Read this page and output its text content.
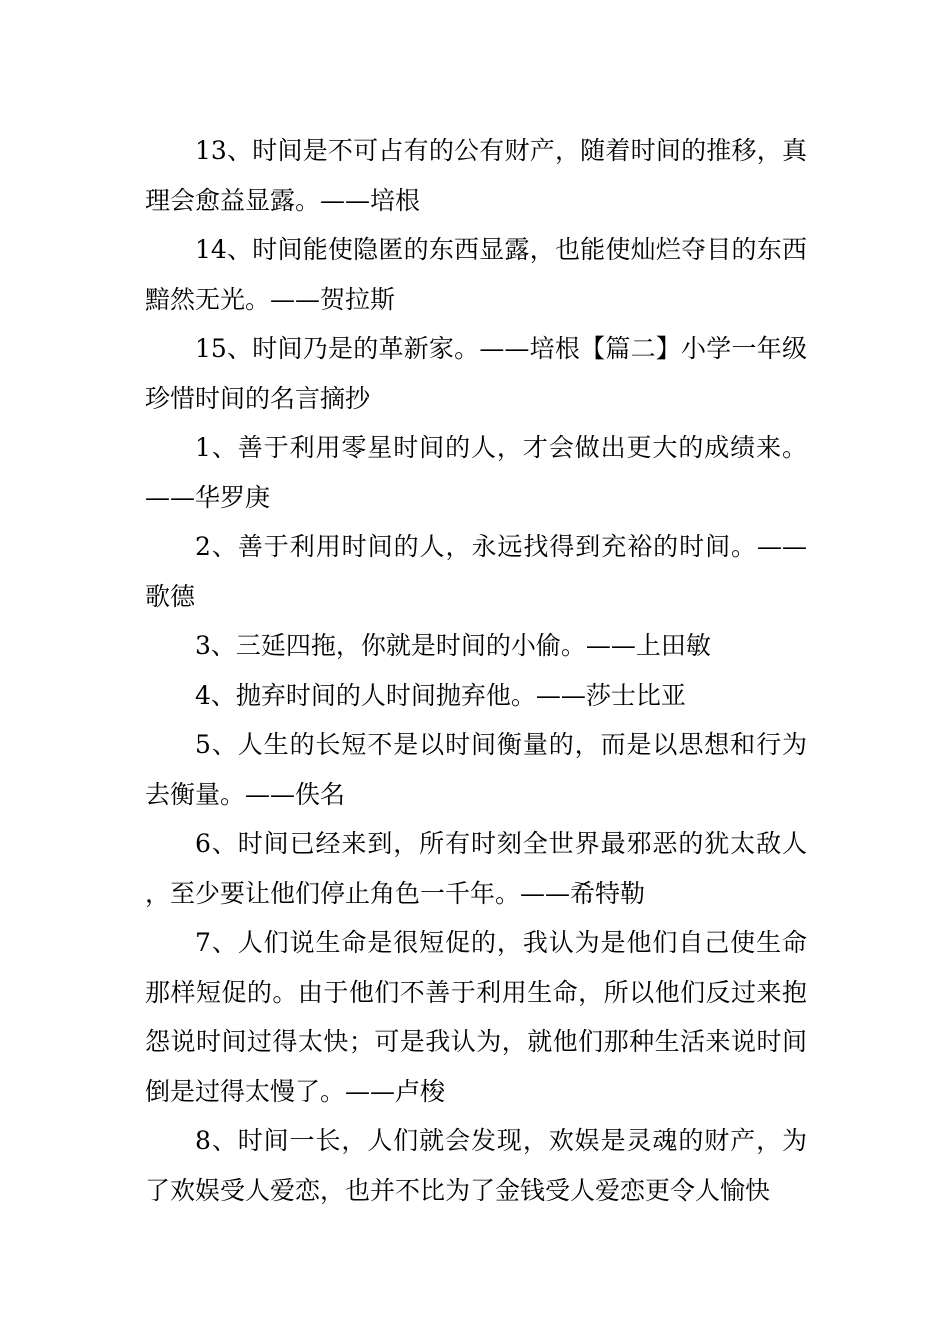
13、时间是不可占有的公有财产，随着时间的推移，真理会愈益显露。——培根

14、时间能使隐匿的东西显露，也能使灿烂夺目的东西黯然无光。——贺拉斯

15、时间乃是的革新家。——培根【篇二】小学一年级珍惜时间的名言摘抄

1、善于利用零星时间的人，才会做出更大的成绩来。——华罗庚

2、善于利用时间的人，永远找得到充裕的时间。——歌德

3、三延四拖，你就是时间的小偷。——上田敏

4、抛弃时间的人时间抛弃他。——莎士比亚

5、人生的长短不是以时间衡量的，而是以思想和行为去衡量。——佚名

6、时间已经来到，所有时刻全世界最邪恶的犹太敌人，至少要让他们停止角色一千年。——希特勒

7、人们说生命是很短促的，我认为是他们自己使生命那样短促的。由于他们不善于利用生命，所以他们反过来抱怨说时间过得太快；可是我认为，就他们那种生活来说时间倒是过得太慢了。——卢梭

8、时间一长，人们就会发现，欢娱是灵魂的财产，为了欢娱受人爱恋，也并不比为了金钱受人爱恋更令人愉快
